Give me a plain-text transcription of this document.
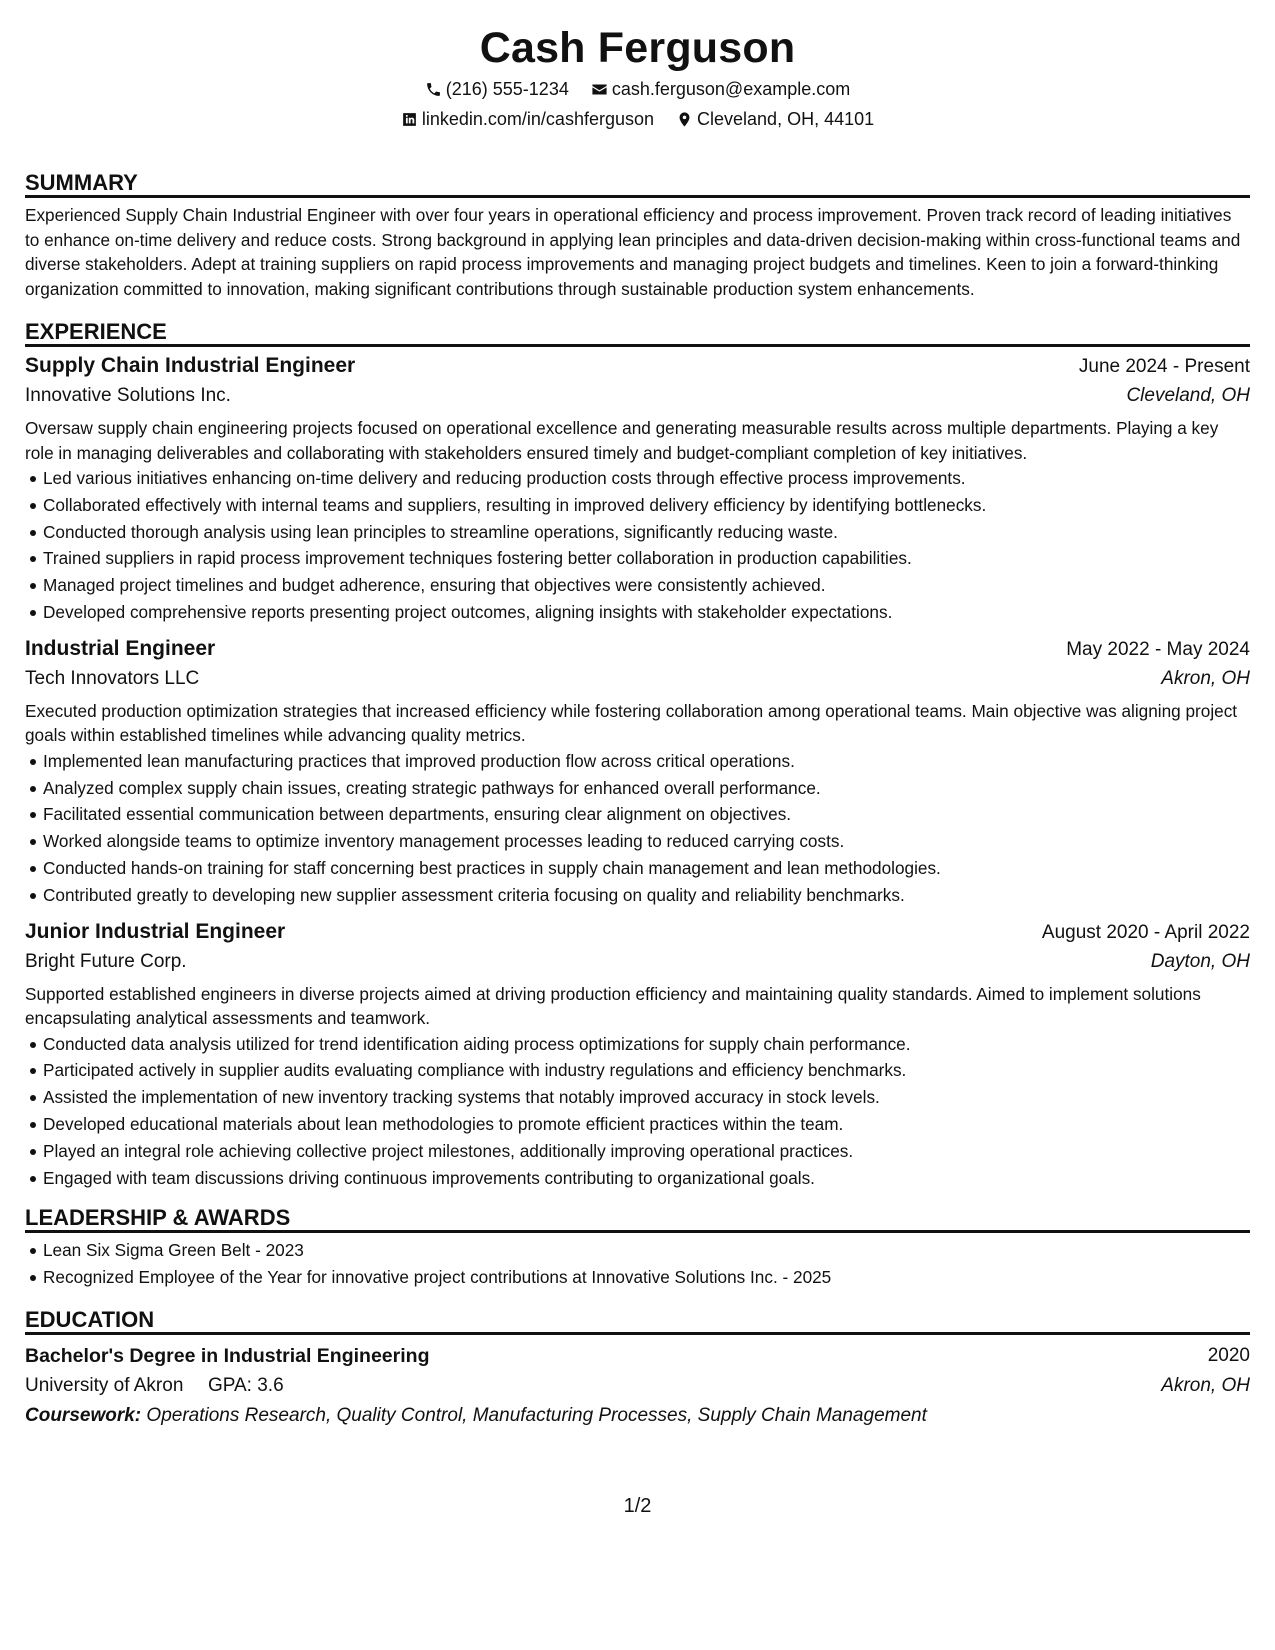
Cash Ferguson
(216) 555-1234 cash.ferguson@example.com
linkedin.com/in/cashferguson Cleveland, OH, 44101
SUMMARY
Experienced Supply Chain Industrial Engineer with over four years in operational efficiency and process improvement. Proven track record of leading initiatives to enhance on-time delivery and reduce costs. Strong background in applying lean principles and data-driven decision-making within cross-functional teams and diverse stakeholders. Adept at training suppliers on rapid process improvements and managing project budgets and timelines. Keen to join a forward-thinking organization committed to innovation, making significant contributions through sustainable production system enhancements.
EXPERIENCE
Supply Chain Industrial Engineer	June 2024 - Present
Innovative Solutions Inc.	Cleveland, OH
Oversaw supply chain engineering projects focused on operational excellence and generating measurable results across multiple departments. Playing a key role in managing deliverables and collaborating with stakeholders ensured timely and budget-compliant completion of key initiatives.
Led various initiatives enhancing on-time delivery and reducing production costs through effective process improvements.
Collaborated effectively with internal teams and suppliers, resulting in improved delivery efficiency by identifying bottlenecks.
Conducted thorough analysis using lean principles to streamline operations, significantly reducing waste.
Trained suppliers in rapid process improvement techniques fostering better collaboration in production capabilities.
Managed project timelines and budget adherence, ensuring that objectives were consistently achieved.
Developed comprehensive reports presenting project outcomes, aligning insights with stakeholder expectations.
Industrial Engineer	May 2022 - May 2024
Tech Innovators LLC	Akron, OH
Executed production optimization strategies that increased efficiency while fostering collaboration among operational teams. Main objective was aligning project goals within established timelines while advancing quality metrics.
Implemented lean manufacturing practices that improved production flow across critical operations.
Analyzed complex supply chain issues, creating strategic pathways for enhanced overall performance.
Facilitated essential communication between departments, ensuring clear alignment on objectives.
Worked alongside teams to optimize inventory management processes leading to reduced carrying costs.
Conducted hands-on training for staff concerning best practices in supply chain management and lean methodologies.
Contributed greatly to developing new supplier assessment criteria focusing on quality and reliability benchmarks.
Junior Industrial Engineer	August 2020 - April 2022
Bright Future Corp.	Dayton, OH
Supported established engineers in diverse projects aimed at driving production efficiency and maintaining quality standards. Aimed to implement solutions encapsulating analytical assessments and teamwork.
Conducted data analysis utilized for trend identification aiding process optimizations for supply chain performance.
Participated actively in supplier audits evaluating compliance with industry regulations and efficiency benchmarks.
Assisted the implementation of new inventory tracking systems that notably improved accuracy in stock levels.
Developed educational materials about lean methodologies to promote efficient practices within the team.
Played an integral role achieving collective project milestones, additionally improving operational practices.
Engaged with team discussions driving continuous improvements contributing to organizational goals.
LEADERSHIP & AWARDS
Lean Six Sigma Green Belt - 2023
Recognized Employee of the Year for innovative project contributions at Innovative Solutions Inc. - 2025
EDUCATION
Bachelor's Degree in Industrial Engineering	2020
University of Akron GPA: 3.6	Akron, OH
Coursework: Operations Research, Quality Control, Manufacturing Processes, Supply Chain Management
1/2
